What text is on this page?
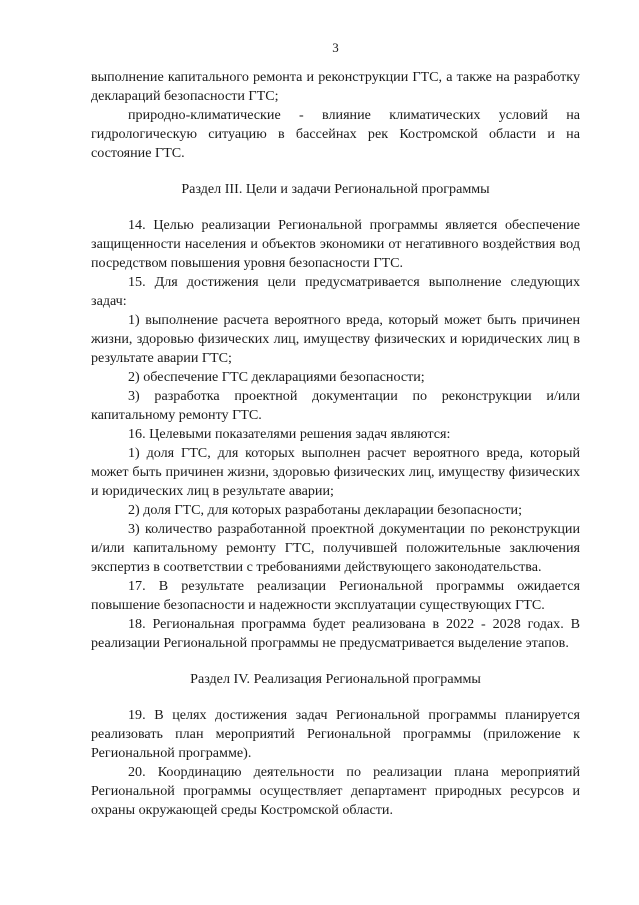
3

выполнение капитального ремонта и реконструкции ГТС, а также на разработку деклараций безопасности ГТС;

природно-климатические - влияние климатических условий на гидрологическую ситуацию в бассейнах рек Костромской области и на состояние ГТС.

Раздел III. Цели и задачи Региональной программы

14. Целью реализации Региональной программы является обеспечение защищенности населения и объектов экономики от негативного воздействия вод посредством повышения уровня безопасности ГТС.

15. Для достижения цели предусматривается выполнение следующих задач:

1) выполнение расчета вероятного вреда, который может быть причинен жизни, здоровью физических лиц, имуществу физических и юридических лиц в результате аварии ГТС;

2) обеспечение ГТС декларациями безопасности;

3) разработка проектной документации по реконструкции и/или капитальному ремонту ГТС.

16. Целевыми показателями решения задач являются:

1) доля ГТС, для которых выполнен расчет вероятного вреда, который может быть причинен жизни, здоровью физических лиц, имуществу физических и юридических лиц в результате аварии;

2) доля ГТС, для которых разработаны декларации безопасности;

3) количество разработанной проектной документации по реконструкции и/или капитальному ремонту ГТС, получившей положительные заключения экспертиз в соответствии с требованиями действующего законодательства.

17. В результате реализации Региональной программы ожидается повышение безопасности и надежности эксплуатации существующих ГТС.

18. Региональная программа будет реализована в 2022 - 2028 годах. В реализации Региональной программы не предусматривается выделение этапов.

Раздел IV. Реализация Региональной программы

19. В целях достижения задач Региональной программы планируется реализовать план мероприятий Региональной программы (приложение к Региональной программе).

20. Координацию деятельности по реализации плана мероприятий Региональной программы осуществляет департамент природных ресурсов и охраны окружающей среды Костромской области.
